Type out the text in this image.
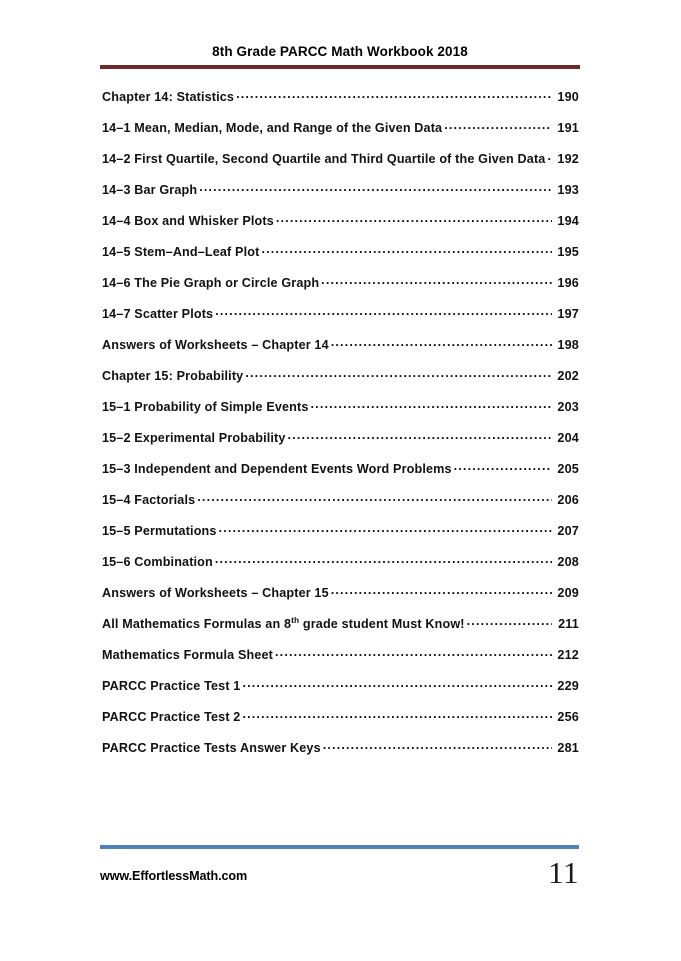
8th Grade PARCC Math Workbook 2018
Chapter 14: Statistics .....	190
14–1 Mean, Median, Mode, and Range of the Given Data .....	191
14–2 First Quartile, Second Quartile and Third Quartile of the Given Data ..... 192
14–3 Bar Graph .....	193
14–4 Box and Whisker Plots .....	194
14–5 Stem–And–Leaf Plot .....	195
14–6 The Pie Graph or Circle Graph .....	196
14–7 Scatter Plots .....	197
Answers of Worksheets – Chapter 14 .....	198
Chapter 15: Probability .....	202
15–1 Probability of Simple Events .....	203
15–2 Experimental Probability .....	204
15–3 Independent and Dependent Events Word Problems .....	205
15–4 Factorials .....	206
15–5 Permutations .....	207
15–6 Combination .....	208
Answers of Worksheets – Chapter 15 .....	209
All Mathematics Formulas an 8th grade student Must Know! .....	211
Mathematics Formula Sheet .....	212
PARCC Practice Test 1 .....	229
PARCC Practice Test 2 .....	256
PARCC Practice Tests Answer Keys .....	281
www.EffortlessMath.com	11
